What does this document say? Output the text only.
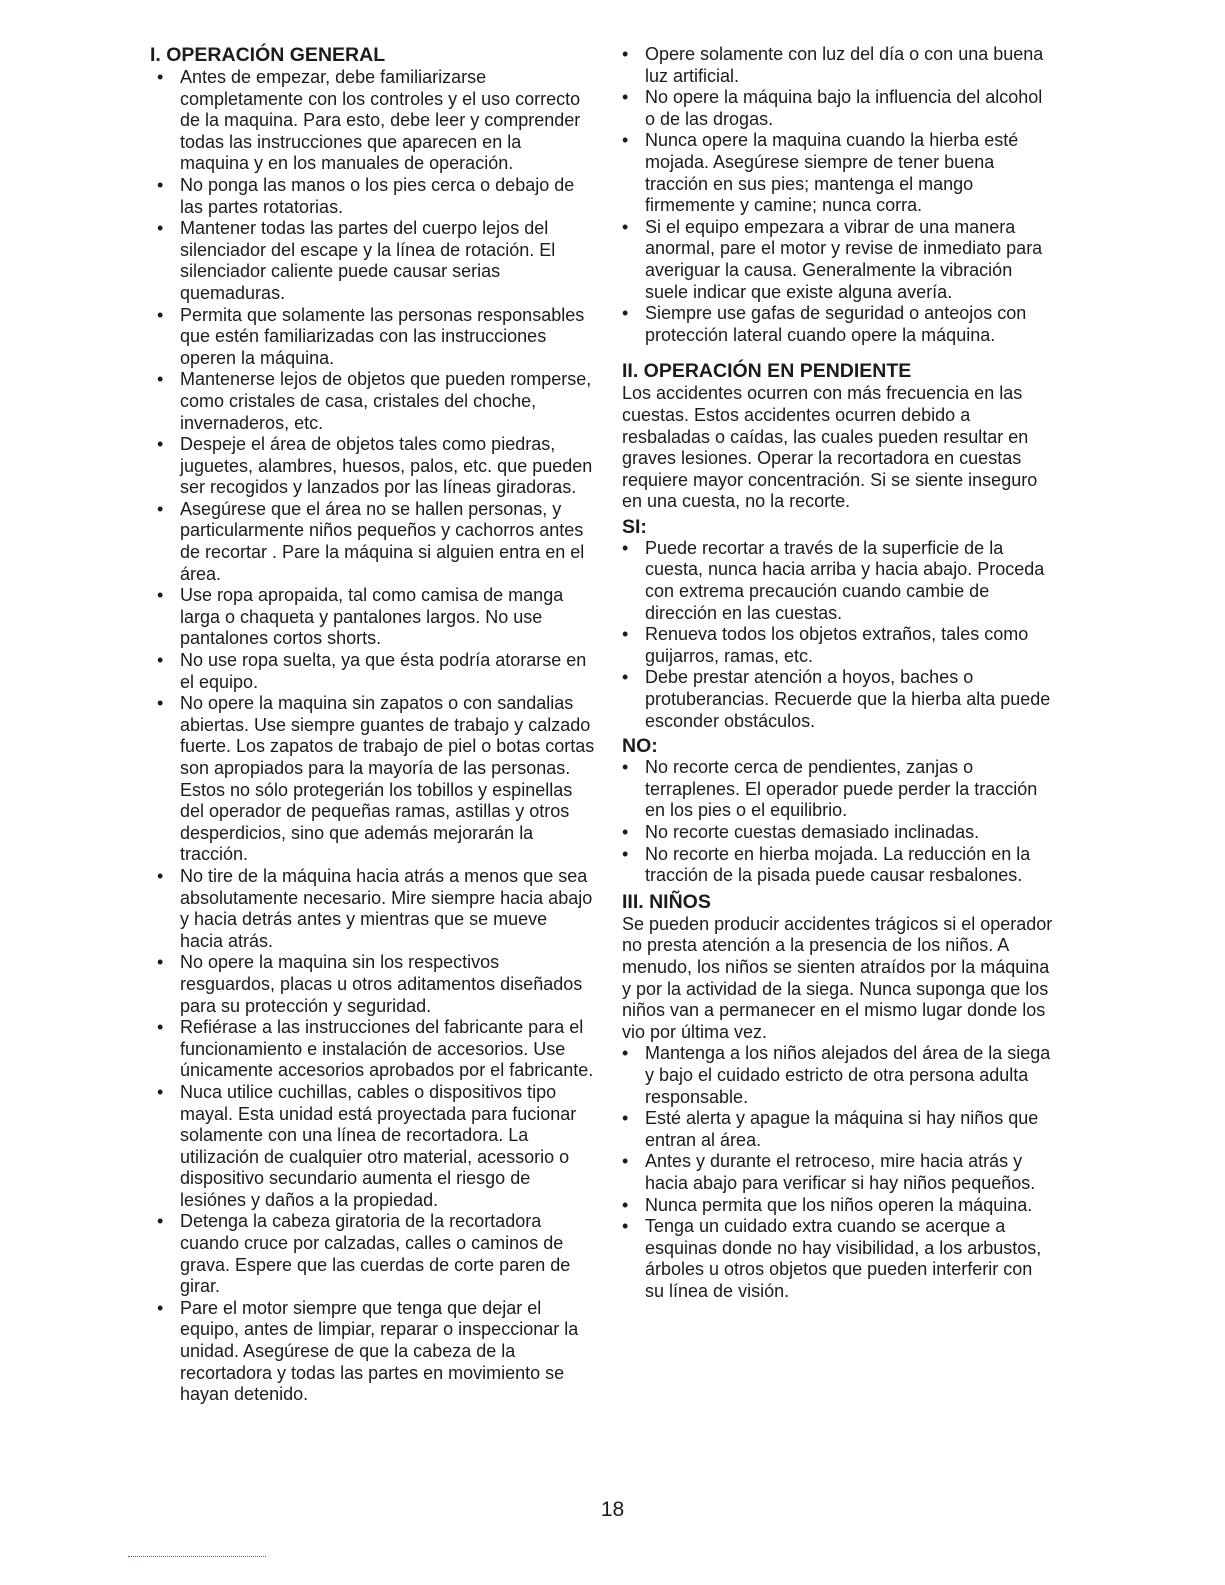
I. OPERACIÓN GENERAL
• Antes de empezar, debe familiarizarse completamente con los controles y el uso correcto de la maquina. Para esto, debe leer y comprender todas las instrucciones que aparecen en la maquina y en los manuales de operación.
• No ponga las manos o los pies cerca o debajo de las partes rotatorias.
• Mantener todas las partes del cuerpo lejos del silenciador del escape y la línea de rotación. El silenciador caliente puede causar serias quemaduras.
• Permita que solamente las personas responsables que estén familiarizadas con las instrucciones operen la máquina.
• Mantenerse lejos de objetos que pueden romperse, como cristales de casa, cristales del choche, invernaderos, etc.
• Despeje el área de objetos tales como piedras, juguetes, alambres, huesos, palos, etc. que pueden ser recogidos y lanzados por las líneas giradoras.
• Asegúrese que el área no se hallen personas, y particularmente niños pequeños y cachorros antes de recortar . Pare la máquina si alguien entra en el área.
• Use ropa apropaida, tal como camisa de manga larga o chaqueta y pantalones largos. No use pantalones cortos shorts.
• No use ropa suelta, ya que ésta podría atorarse en el equipo.
• No opere la maquina sin zapatos o con sandalias abiertas. Use siempre guantes de trabajo y calzado fuerte. Los zapatos de trabajo de piel o botas cortas son apropiados para la mayoría de las personas. Estos no sólo protegerián los tobillos y espinellas del operador de pequeñas ramas, astillas y otros desperdicios, sino que además mejorarán la tracción.
• No tire de la máquina hacia atrás a menos que sea absolutamente necesario. Mire siempre hacia abajo y hacia detrás antes y mientras que se mueve hacia atrás.
• No opere la maquina sin los respectivos resguardos, placas u otros aditamentos diseñados para su protección y seguridad.
• Refiérase a las instrucciones del fabricante para el funcionamiento e instalación de accesorios. Use únicamente accesorios aprobados por el fabricante.
• Nuca utilice cuchillas, cables o dispositivos tipo mayal. Esta unidad está proyectada para fucionar solamente con una línea de recortadora. La utilización de cualquier otro material, acessorio o dispositivo secundario aumenta el riesgo de lesiónes y daños a la propiedad.
• Detenga la cabeza giratoria de la recortadora cuando cruce por calzadas, calles o caminos de grava. Espere que las cuerdas de corte paren de girar.
• Pare el motor siempre que tenga que dejar el equipo, antes de limpiar, reparar o inspeccionar la unidad. Asegúrese de que la cabeza de la recortadora y todas las partes en movimiento se hayan detenido.
• Opere solamente con luz del día o con una buena luz artificial.
• No opere la máquina bajo la influencia del alcohol o de las drogas.
• Nunca opere la maquina cuando la hierba esté mojada. Asegúrese siempre de tener buena tracción en sus pies; mantenga el mango firmemente y camine; nunca corra.
• Si el equipo empezara a vibrar de una manera anormal, pare el motor y revise de inmediato para averiguar la causa. Generalmente la vibración suele indicar que existe alguna avería.
• Siempre use gafas de seguridad o anteojos con protección lateral cuando opere la máquina.
II. OPERACIÓN EN PENDIENTE

Los accidentes ocurren con más frecuencia en las cuestas. Estos accidentes ocurren debido a resbaladas o caídas, las cuales pueden resultar en graves lesiones. Operar la recortadora en cuestas requiere mayor concentración. Si se siente inseguro en una cuesta, no la recorte.

SI:
• Puede recortar a través de la superficie de la cuesta, nunca hacia arriba y hacia abajo. Proceda con extrema precaución cuando cambie de dirección en las cuestas.
• Renueva todos los objetos extraños, tales como guijarros, ramas, etc.
• Debe prestar atención a hoyos, baches o protuberancias. Recuerde que la hierba alta puede esconder obstáculos.
NO:
• No recorte cerca de pendientes, zanjas o terraplenes. El operador puede perder la tracción en los pies o el equilibrio.
• No recorte cuestas demasiado inclinadas.
• No recorte en hierba mojada. La reducción en la tracción de la pisada puede causar resbalones.
III. NIÑOS

Se pueden producir accidentes trágicos si el operador no presta atención a la presencia de los niños. A menudo, los niños se sienten atraídos por la máquina y por la actividad de la siega. Nunca suponga que los niños van a permanecer en el mismo lugar donde los vio por última vez.

• Mantenga a los niños alejados del área de la siega y bajo el cuidado estricto de otra persona adulta responsable.
• Esté alerta y apague la máquina si hay niños que entran al área.
• Antes y durante el retroceso, mire hacia atrás y hacia abajo para verificar si hay niños pequeños.
• Nunca permita que los niños operen la máquina.
• Tenga un cuidado extra cuando se acerque a esquinas donde no hay visibilidad, a los arbustos, árboles u otros objetos que pueden interferir con su línea de visión.
18
